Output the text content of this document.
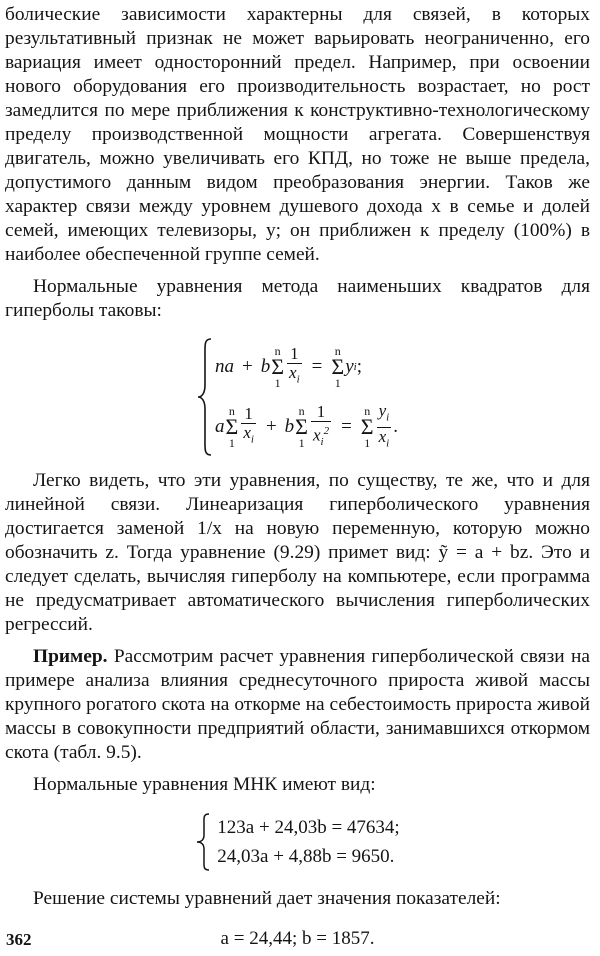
болические зависимости характерны для связей, в которых результативный признак не может варьировать неограниченно, его вариация имеет односторонний предел. Например, при освоении нового оборудования его производительность возрастает, но рост замедлится по мере приближения к конструктивно-технологическому пределу производственной мощности агрегата. Совершенствуя двигатель, можно увеличивать его КПД, но тоже не выше предела, допустимого данным видом преобразования энергии. Таков же характер связи между уровнем душевого дохода x в семье и долей семей, имеющих телевизоры, y; он приближен к пределу (100%) в наиболее обеспеченной группе семей.

Нормальные уравнения метода наименьших квадратов для гиперболы таковы:

na + b
n
Σ
$1 \frac{1}{x_i}$ =
n
Σ
1
y i ;
a
n
Σ
$1 \frac{1}{x_i} + b$
n
Σ
$1 \frac{1}{x_i^2}$ =
n
Σ
$1 \frac{y_i}{x_i}$ .

Легко видеть, что эти уравнения, по существу, те же, что и для линейной связи. Линеаризация гиперболического уравнения достигается заменой 1/x на новую переменную, которую можно обозначить z. Тогда уравнение (9.29) примет вид: ỹ = a + bz. Это и следует сделать, вычисляя гиперболу на компьютере, если программа не предусматривает автоматического вычисления гиперболических регрессий.

Пример. Рассмотрим расчет уравнения гиперболической связи на примере анализа влияния среднесуточного прироста живой массы крупного рогатого скота на откорме на себестоимость прироста живой массы в совокупности предприятий области, занимавшихся откормом скота (табл. 9.5).

Нормальные уравнения МНК имеют вид:

123a + 24,03b = 47634;
24,03a + 4,88b = 9650.

Решение системы уравнений дает значения показателей:

a = 24,44; b = 1857.

362
